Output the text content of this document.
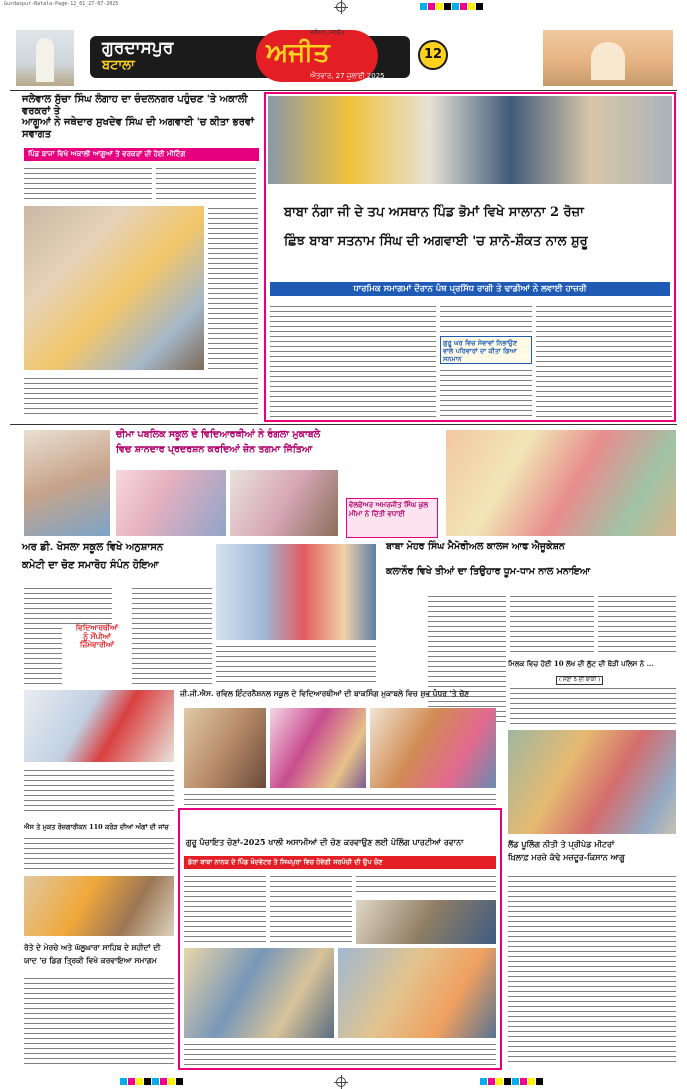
Gurdaspur-Batala-Page-12_01_27-07-2025
ਗੁਰਦਾਸਪੁਰ
ਬਟਾਲਾ	ਅਜੀਤ
ਜਲੰਧਰ, ਸਰਬੱਤ
ਐਤਵਾਰ, 27 ਜੁਲਾਈ 2025
12
ਜਲੇਵਾਲ ਸੁੱਚਾ ਸਿੰਘ ਲੰਗਾਹ ਦਾ ਚੰਦਲਨਗਰ ਪਹੁੰਚਣ 'ਤੇ ਅਕਾਲੀ ਵਰਕਰਾਂ ਤੇ
ਆਗੂਆਂ ਨੇ ਜਥੇਦਾਰ ਸੁਖਦੇਵ ਸਿੰਘ ਦੀ ਅਗਵਾਈ 'ਚ ਕੀਤਾ ਭਰਵਾਂ ਸਵਾਗਤ
ਪਿੰਡ ਬਾਜਾ ਵਿਖੇ ਅਕਾਲੀ ਆਗੂਆਂ ਤੇ ਵਰਕਰਾਂ ਦੀ ਹੋਈ ਮੀਟਿੰਗ
ਬਾਬਾ ਨੰਗਾ ਜੀ ਦੇ ਤਪ ਅਸਥਾਨ ਪਿੰਡ ਭੋਮਾਂ ਵਿਖੇ ਸਾਲਾਨਾ 2 ਰੋਜ਼ਾ
ਛਿੰਝ ਬਾਬਾ ਸਤਨਾਮ ਸਿੰਘ ਦੀ ਅਗਵਾਈ 'ਚ ਸ਼ਾਨੋ-ਸ਼ੌਕਤ ਨਾਲ ਸ਼ੁਰੂ
ਧਾਰਮਿਕ ਸਮਾਗਮਾਂ ਦੌਰਾਨ ਪੰਥ ਪ੍ਰਸਿੱਧ ਰਾਗੀ ਤੇ ਢਾਡੀਆਂ ਨੇ ਲਵਾਈ ਹਾਜ਼ਰੀ
ਗੁਰੂ ਘਰ ਵਿਚ ਸੇਵਾਵਾਂ ਨਿਭਾਉਣ ਵਾਲੇ ਪਰਿਵਾਰਾਂ ਦਾ ਕੀਤਾ ਗਿਆ ਸਨਮਾਨ
ਚੀਮਾ ਪਬਲਿਕ ਸਕੂਲ ਦੇ ਵਿਦਿਆਰਥੀਆਂ ਨੇ ਰੰਗਲਾ ਮੁਕਾਬਲੇ
ਵਿਚ ਸ਼ਾਨਦਾਰ ਪ੍ਰਦਰਸ਼ਨ ਕਰਦਿਆਂ ਜ਼ੋਨ ਤਗਮਾ ਜਿੱਤਿਆ
ਵੇਲਫੇਅਰ ਅਮਰਜੀਤ ਸਿੰਘ ਕੁਲ ਮੀਮਾ ਨੇ ਦਿੱਤੀ ਵਧਾਈ
ਅਰ ਡੀ. ਖੋਸਲਾ ਸਕੂਲ ਵਿਖੇ ਅਨੁਸ਼ਾਸਨ
ਕਮੇਟੀ ਦਾ ਚੋਣ ਸਮਾਰੋਹ ਸੰਪੰਨ ਹੋਇਆ
ਵਿਦਿਆਰਥੀਆਂ
ਨੂੰ ਸੌਂਪੀਆਂ
ਜ਼ਿੰਮੇਵਾਰੀਆਂ
ਬਾਬਾ ਮੋਹਰ ਸਿੰਘ ਮੈਮੋਰੀਅਲ ਕਾਲਜ ਆਫ ਐਜੂਕੇਸ਼ਨ
ਕਲਾਨੌਰ ਵਿਖੇ ਤੀਆਂ ਦਾ ਤਿਉਹਾਰ ਧੂਮ-ਧਾਮ ਨਾਲ ਮਨਾਇਆ
ਮਿਲਕ ਵਿਚ ਹੋਈ 10 ਲੱਖ ਦੀ ਲੁੱਟ ਦੀ ਥੋੜੀ ਪਲਿਸ ਨੇ ...
( ਸਫ਼ਾ 5 ਦੀ ਬਾਕੀ )
ਜੀ.ਜੀ.ਐਸ. ਰਵਿਲ ਇੰਟਰਨੈਸ਼ਨਲ ਸਕੂਲ ਦੇ ਵਿਦਿਆਰਥੀਆਂ ਦੀ ਬਾਕਸਿੰਗ ਮੁਕਾਬਲੇ ਵਿਚ ਸ਼ੁਭ ਪੰਧਰ 'ਤੇ ਚੋਣ
ਐਸ ਤੇ ਮੁਕਤ ਰੋਜ਼ਗਾਰੀਕਨ 110 ਕਰੋੜ ਦੀਆਂ ਅੰਗਾਂ ਦੀ ਜਾਂਚ
ਗੁਰੂ ਪੰਚਾਇਤ ਚੋਣਾਂ-2025 ਖਾਲੀ ਅਸਾਮੀਆਂ ਦੀ ਚੋਣ ਕਰਵਾਉਣ ਲਈ ਪੋਲਿੰਗ ਪਾਰਟੀਆਂ ਰਵਾਨਾ
ਡੇਰਾ ਬਾਬਾ ਨਾਨਕ ਦੇ ਪਿੰਡ ਖੋਦਵੇਟਰ ਤੇ ਸਿਘਪੁਰਾ ਵਿਚ ਹੋਵੇਗੀ ਸਰਪੰਚੀ ਦੀ ਉਪ ਚੋਣ
ਰੋਤੇ ਦੇ ਮੇਰਚੇ ਅਤੇ ਘੱਲੂਘਾਰਾ ਸਾਹਿਬ ਦੇ ਸ਼ਹੀਦਾਂ ਦੀ
ਯਾਦ 'ਚ ਡਿਗ ਤ੍ਰਿਕੀ ਵਿਖੇ ਕਰਵਾਇਆ ਸਮਾਗਮ
ਲੈਂਡ ਪੂਲਿੰਗ ਨੀਤੀ ਤੇ ਪ੍ਰੀਪੇਡ ਮੀਟਰਾਂ
ਖ਼ਿਲਾਫ਼ ਮਰਜ਼ੇ ਕੱਢੇ ਮਜ਼ਦੂਰ-ਕਿਸਾਨ ਆਗੂ
